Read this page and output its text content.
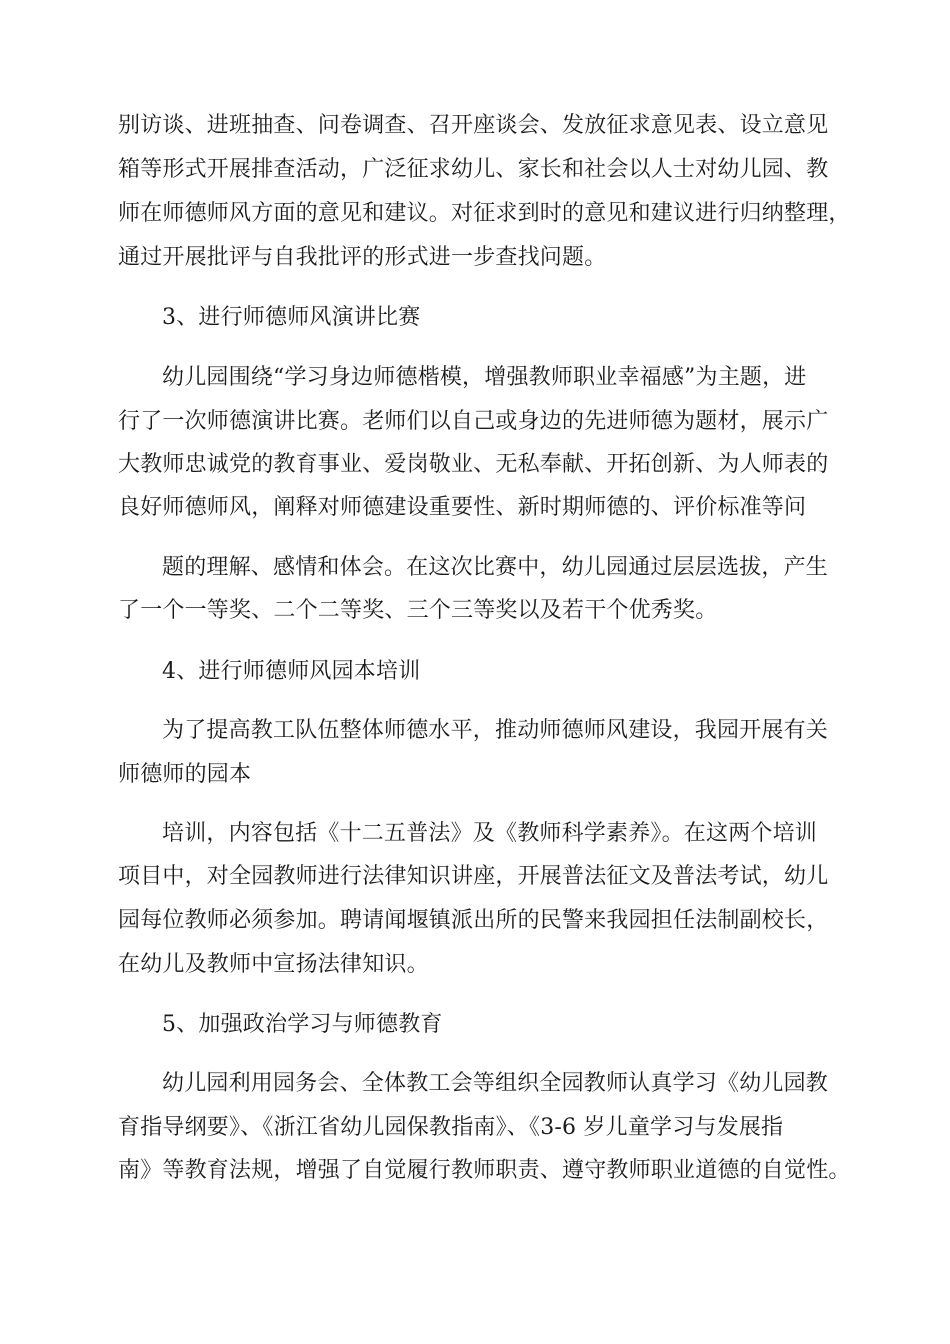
别访谈、进班抽查、问卷调查、召开座谈会、发放征求意见表、设立意见
箱等形式开展排查活动，广泛征求幼儿、家长和社会以人士对幼儿园、教
师在师德师风方面的意见和建议。对征求到时的意见和建议进行归纳整理，
通过开展批评与自我批评的形式进一步查找问题。
3、进行师德师风演讲比赛
幼儿园围绕“学习身边师德楷模，增强教师职业幸福感”为主题，进
行了一次师德演讲比赛。老师们以自己或身边的先进师德为题材，展示广
大教师忠诚党的教育事业、爱岗敬业、无私奉献、开拓创新、为人师表的
良好师德师风，阐释对师德建设重要性、新时期师德的、评价标准等问
题的理解、感情和体会。在这次比赛中，幼儿园通过层层选拔，产生
了一个一等奖、二个二等奖、三个三等奖以及若干个优秀奖。
4、进行师德师风园本培训
为了提高教工队伍整体师德水平，推动师德师风建设，我园开展有关
师德师的园本
培训，内容包括《十二五普法》及《教师科学素养》。在这两个培训
项目中，对全园教师进行法律知识讲座，开展普法征文及普法考试，幼儿
园每位教师必须参加。聘请闻堰镇派出所的民警来我园担任法制副校长，
在幼儿及教师中宣扬法律知识。
5、加强政治学习与师德教育
幼儿园利用园务会、全体教工会等组织全园教师认真学习《幼儿园教
育指导纲要》、《浙江省幼儿园保教指南》、《3-6 岁儿童学习与发展指
南》等教育法规，增强了自觉履行教师职责、遵守教师职业道德的自觉性。
